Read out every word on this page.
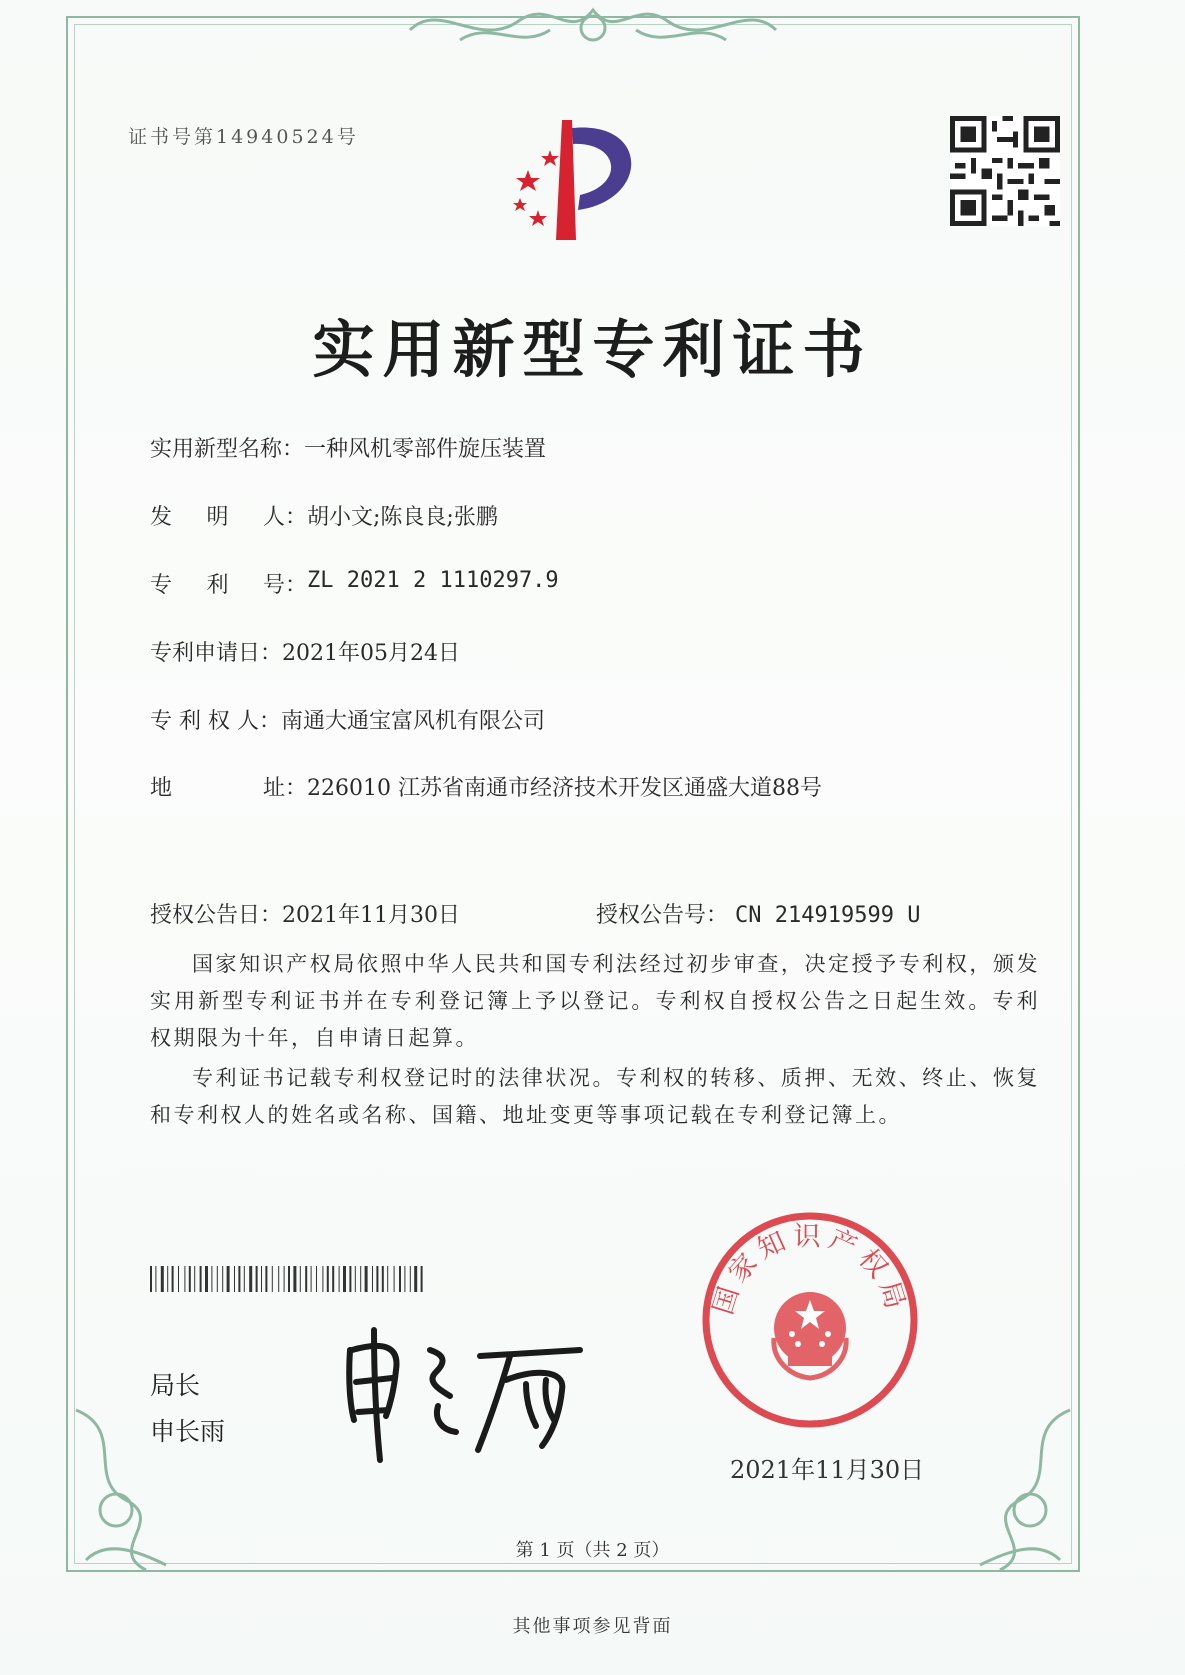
证书号第14940524号
实用新型专利证书
实用新型名称： 一种风机零部件旋压装置
发 明 人 ： 胡小文;陈良良;张鹏
专 利 号 ： ZL 2021 2 1110297.9
专利申请日： 2021年05月24日
专 利 权 人： 南通大通宝富风机有限公司
地	址 ： 226010 江苏省南通市经济技术开发区通盛大道88号
授权公告日： 2021年11月30日	授权公告号： CN 214919599 U
国家知识产权局依照中华人民共和国专利法经过初步审查，决定授予专利权，颁发实用新型专利证书并在专利登记簿上予以登记。专利权自授权公告之日起生效。专利权期限为十年，自申请日起算。
专利证书记载专利权登记时的法律状况。专利权的转移、质押、无效、终止、恢复和专利权人的姓名或名称、国籍、地址变更等事项记载在专利登记簿上。
局长
申长雨
国家知识产权局
2021年11月30日
第 1 页（共 2 页）
其他事项参见背面
